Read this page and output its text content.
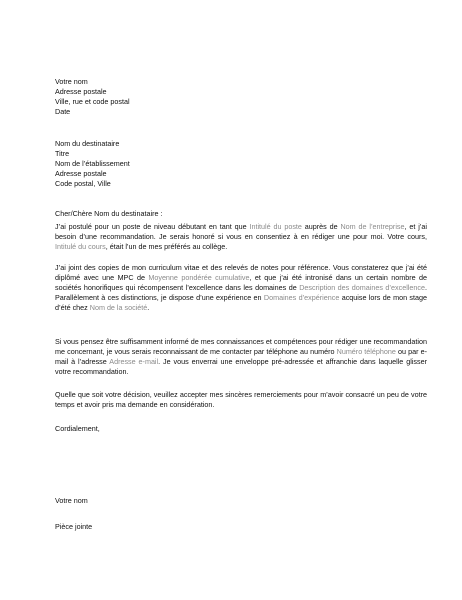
Votre nom
Adresse postale
Ville, rue et code postal
Date
Nom du destinataire
Titre
Nom de l’établissement
Adresse postale
Code postal, Ville
Cher/Chère Nom du destinataire :

J’ai postulé pour un poste de niveau débutant en tant que Intitulé du poste auprès de Nom de l’entreprise, et j’ai besoin d’une recommandation. Je serais honoré si vous en consentiez à en rédiger une pour moi. Votre cours, Intitulé du cours, était l’un de mes préférés au collège.

J’ai joint des copies de mon curriculum vitae et des relevés de notes pour référence. Vous constaterez que j’ai été diplômé avec une MPC de Moyenne pondérée cumulative, et que j’ai été intronisé dans un certain nombre de sociétés honorifiques qui récompensent l’excellence dans les domaines de Description des domaines d’excellence. Parallèlement à ces distinctions, je dispose d’une expérience en Domaines d’expérience acquise lors de mon stage d’été chez Nom de la société.

Si vous pensez être suffisamment informé de mes connaissances et compétences pour rédiger une recommandation me concernant, je vous serais reconnaissant de me contacter par téléphone au numéro Numéro téléphone ou par e-mail à l’adresse Adresse e-mail. Je vous enverrai une enveloppe pré-adressée et affranchie dans laquelle glisser votre recommandation.

Quelle que soit votre décision, veuillez accepter mes sincères remerciements pour m’avoir consacré un peu de votre temps et avoir pris ma demande en considération.

Cordialement,
Votre nom
Pièce jointe
